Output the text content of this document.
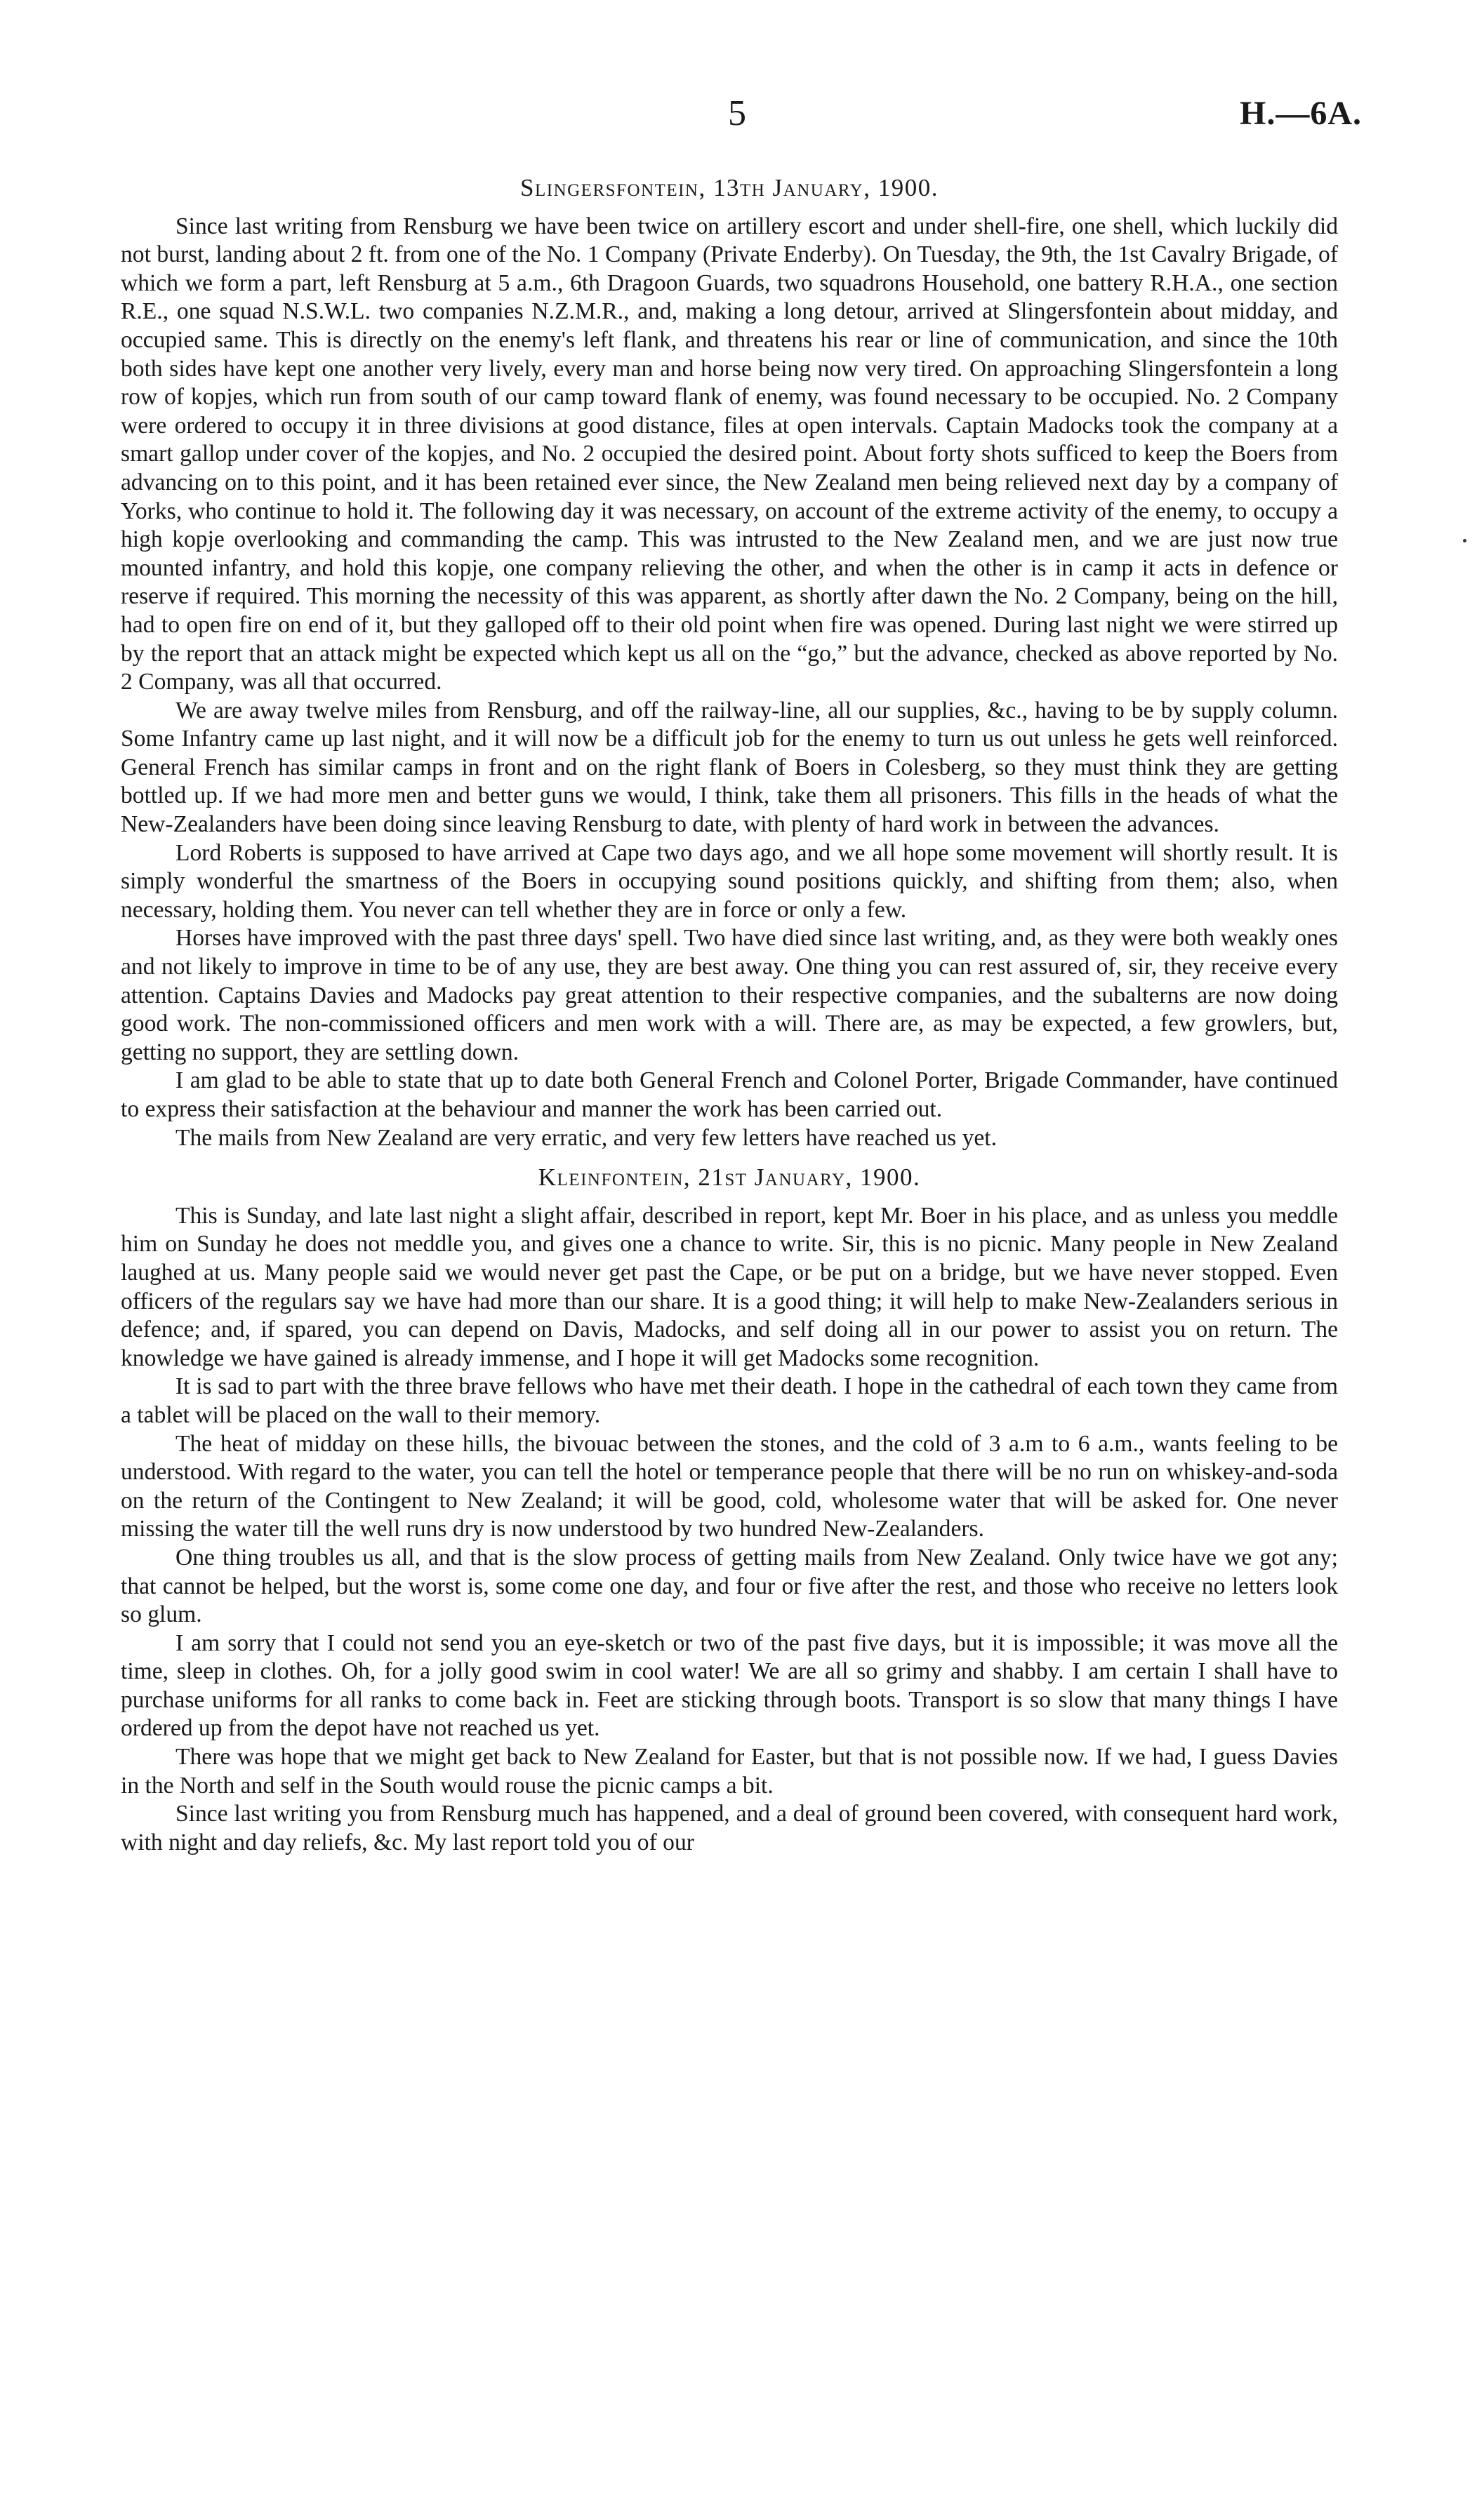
5	H.—6A.
Slingersfontein, 13th January, 1900.

Since last writing from Rensburg we have been twice on artillery escort and under shell-fire, one shell, which luckily did not burst, landing about 2 ft. from one of the No. 1 Company (Private Enderby). On Tuesday, the 9th, the 1st Cavalry Brigade, of which we form a part, left Rensburg at 5 a.m., 6th Dragoon Guards, two squadrons Household, one battery R.H.A., one section R.E., one squad N.S.W.L. two companies N.Z.M.R., and, making a long detour, arrived at Slingersfontein about midday, and occupied same. This is directly on the enemy's left flank, and threatens his rear or line of communication, and since the 10th both sides have kept one another very lively, every man and horse being now very tired. On approaching Slingersfontein a long row of kopjes, which run from south of our camp toward flank of enemy, was found necessary to be occupied. No. 2 Company were ordered to occupy it in three divisions at good distance, files at open intervals. Captain Madocks took the company at a smart gallop under cover of the kopjes, and No. 2 occupied the desired point. About forty shots sufficed to keep the Boers from advancing on to this point, and it has been retained ever since, the New Zealand men being relieved next day by a company of Yorks, who continue to hold it. The following day it was necessary, on account of the extreme activity of the enemy, to occupy a high kopje overlooking and commanding the camp. This was intrusted to the New Zealand men, and we are just now true mounted infantry, and hold this kopje, one company relieving the other, and when the other is in camp it acts in defence or reserve if required. This morning the necessity of this was apparent, as shortly after dawn the No. 2 Company, being on the hill, had to open fire on end of it, but they galloped off to their old point when fire was opened. During last night we were stirred up by the report that an attack might be expected which kept us all on the “go,” but the advance, checked as above reported by No. 2 Company, was all that occurred.

We are away twelve miles from Rensburg, and off the railway-line, all our supplies, &c., having to be by supply column. Some Infantry came up last night, and it will now be a difficult job for the enemy to turn us out unless he gets well reinforced. General French has similar camps in front and on the right flank of Boers in Colesberg, so they must think they are getting bottled up. If we had more men and better guns we would, I think, take them all prisoners. This fills in the heads of what the New-Zealanders have been doing since leaving Rensburg to date, with plenty of hard work in between the advances.

Lord Roberts is supposed to have arrived at Cape two days ago, and we all hope some movement will shortly result. It is simply wonderful the smartness of the Boers in occupying sound positions quickly, and shifting from them; also, when necessary, holding them. You never can tell whether they are in force or only a few.

Horses have improved with the past three days' spell. Two have died since last writing, and, as they were both weakly ones and not likely to improve in time to be of any use, they are best away. One thing you can rest assured of, sir, they receive every attention. Captains Davies and Madocks pay great attention to their respective companies, and the subalterns are now doing good work. The non-commissioned officers and men work with a will. There are, as may be expected, a few growlers, but, getting no support, they are settling down.

I am glad to be able to state that up to date both General French and Colonel Porter, Brigade Commander, have continued to express their satisfaction at the behaviour and manner the work has been carried out.

The mails from New Zealand are very erratic, and very few letters have reached us yet.

Kleinfontein, 21st January, 1900.

This is Sunday, and late last night a slight affair, described in report, kept Mr. Boer in his place, and as unless you meddle him on Sunday he does not meddle you, and gives one a chance to write. Sir, this is no picnic. Many people in New Zealand laughed at us. Many people said we would never get past the Cape, or be put on a bridge, but we have never stopped. Even officers of the regulars say we have had more than our share. It is a good thing; it will help to make New-Zealanders serious in defence; and, if spared, you can depend on Davis, Madocks, and self doing all in our power to assist you on return. The knowledge we have gained is already immense, and I hope it will get Madocks some recognition.

It is sad to part with the three brave fellows who have met their death. I hope in the cathedral of each town they came from a tablet will be placed on the wall to their memory.

The heat of midday on these hills, the bivouac between the stones, and the cold of 3 a.m to 6 a.m., wants feeling to be understood. With regard to the water, you can tell the hotel or temperance people that there will be no run on whiskey-and-soda on the return of the Contingent to New Zealand; it will be good, cold, wholesome water that will be asked for. One never missing the water till the well runs dry is now understood by two hundred New-Zealanders.

One thing troubles us all, and that is the slow process of getting mails from New Zealand. Only twice have we got any; that cannot be helped, but the worst is, some come one day, and four or five after the rest, and those who receive no letters look so glum.

I am sorry that I could not send you an eye-sketch or two of the past five days, but it is impossible; it was move all the time, sleep in clothes. Oh, for a jolly good swim in cool water! We are all so grimy and shabby. I am certain I shall have to purchase uniforms for all ranks to come back in. Feet are sticking through boots. Transport is so slow that many things I have ordered up from the depot have not reached us yet.

There was hope that we might get back to New Zealand for Easter, but that is not possible now. If we had, I guess Davies in the North and self in the South would rouse the picnic camps a bit.

Since last writing you from Rensburg much has happened, and a deal of ground been covered, with consequent hard work, with night and day reliefs, &c. My last report told you of our
